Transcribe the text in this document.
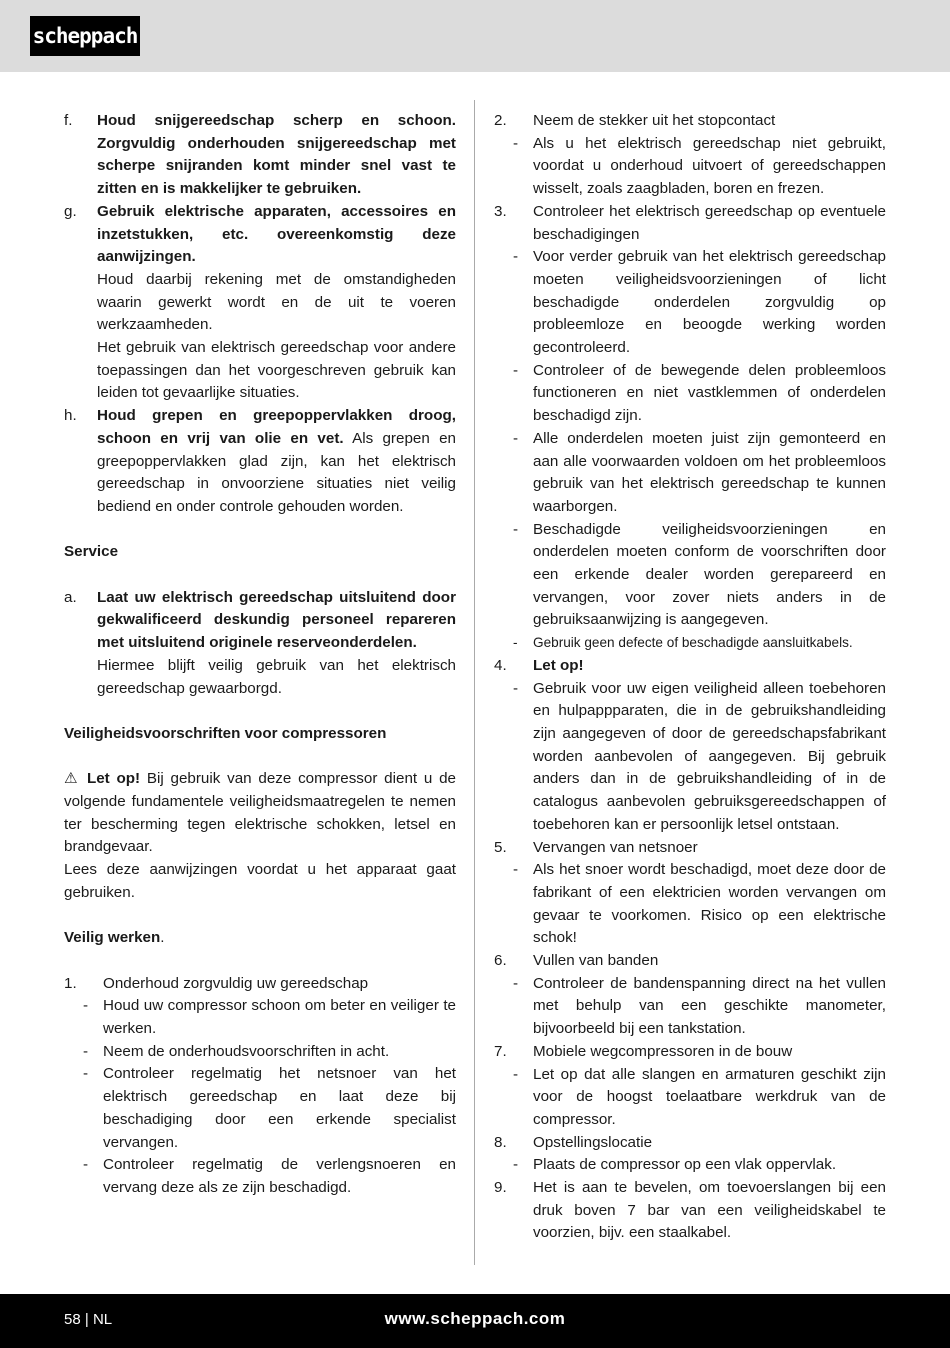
scheppach
f. Houd snijgereedschap scherp en schoon. Zorgvuldig onderhouden snijgereedschap met scherpe snijranden komt minder snel vast te zitten en is makkelijker te gebruiken.
g. Gebruik elektrische apparaten, accessoires en inzetstukken, etc. overeenkomstig deze aanwijzingen.
Houd daarbij rekening met de omstandigheden waarin gewerkt wordt en de uit te voeren werkzaamheden.
Het gebruik van elektrisch gereedschap voor andere toepassingen dan het voorgeschreven gebruik kan leiden tot gevaarlijke situaties.
h. Houd grepen en greepoppervlakken droog, schoon en vrij van olie en vet. Als grepen en greepoppervlakken glad zijn, kan het elektrisch gereedschap in onvoorziene situaties niet veilig bediend en onder controle gehouden worden.
Service
a. Laat uw elektrisch gereedschap uitsluitend door gekwalificeerd deskundig personeel repareren met uitsluitend originele reserveonderdelen.
Hiermee blijft veilig gebruik van het elektrisch gereedschap gewaarborgd.
Veiligheidsvoorschriften voor compressoren
⚠ Let op! Bij gebruik van deze compressor dient u de volgende fundamentele veiligheidsmaatregelen te nemen ter bescherming tegen elektrische schokken, letsel en brandgevaar.
Lees deze aanwijzingen voordat u het apparaat gaat gebruiken.
Veilig werken.
1. Onderhoud zorgvuldig uw gereedschap
- Houd uw compressor schoon om beter en veiliger te werken.
- Neem de onderhoudsvoorschriften in acht.
- Controleer regelmatig het netsnoer van het elektrisch gereedschap en laat deze bij beschadiging door een erkende specialist vervangen.
- Controleer regelmatig de verlengsnoeren en vervang deze als ze zijn beschadigd.
2. Neem de stekker uit het stopcontact
- Als u het elektrisch gereedschap niet gebruikt, voordat u onderhoud uitvoert of gereedschappen wisselt, zoals zaagbladen, boren en frezen.
3. Controleer het elektrisch gereedschap op eventuele beschadigingen
- Voor verder gebruik van het elektrisch gereedschap moeten veiligheidsvoorzieningen of licht beschadigde onderdelen zorgvuldig op probleemloze en beoogde werking worden gecontroleerd.
- Controleer of de bewegende delen probleemloos functioneren en niet vastklemmen of onderdelen beschadigd zijn.
- Alle onderdelen moeten juist zijn gemonteerd en aan alle voorwaarden voldoen om het probleemloos gebruik van het elektrisch gereedschap te kunnen waarborgen.
- Beschadigde veiligheidsvoorzieningen en onderdelen moeten conform de voorschriften door een erkende dealer worden gerepareerd en vervangen, voor zover niets anders in de gebruiksaanwijzing is aangegeven.
- Gebruik geen defecte of beschadigde aansluitkabels.
4. Let op!
- Gebruik voor uw eigen veiligheid alleen toebehoren en hulpappparaten, die in de gebruikshandleiding zijn aangegeven of door de gereedschapsfabrikant worden aanbevolen of aangegeven. Bij gebruik anders dan in de gebruikshandleiding of in de catalogus aanbevolen gebruiksgereedschappen of toebehoren kan er persoonlijk letsel ontstaan.
5. Vervangen van netsnoer
- Als het snoer wordt beschadigd, moet deze door de fabrikant of een elektricien worden vervangen om gevaar te voorkomen. Risico op een elektrische schok!
6. Vullen van banden
- Controleer de bandenspanning direct na het vullen met behulp van een geschikte manometer, bijvoorbeeld bij een tankstation.
7. Mobiele wegcompressoren in de bouw
- Let op dat alle slangen en armaturen geschikt zijn voor de hoogst toelaatbare werkdruk van de compressor.
8. Opstellingslocatie
- Plaats de compressor op een vlak oppervlak.
9. Het is aan te bevelen, om toevoerslangen bij een druk boven 7 bar van een veiligheidskabel te voorzien, bijv. een staalkabel.
58 | NL	www.scheppach.com
